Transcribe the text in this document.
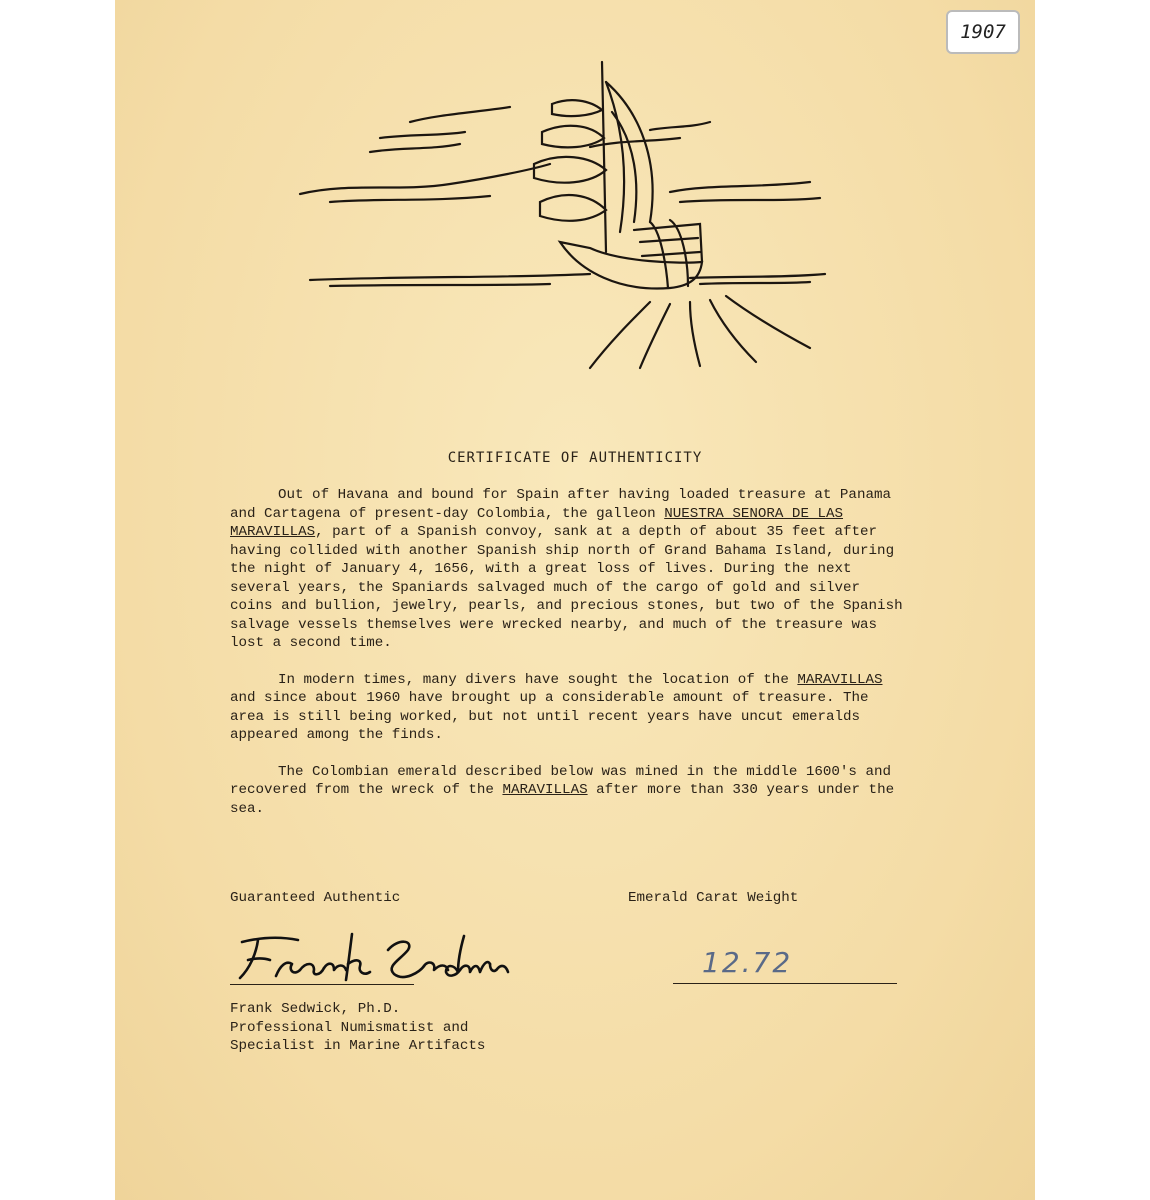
1907
CERTIFICATE OF AUTHENTICITY

Out of Havana and bound for Spain after having loaded treasure at Panama and Cartagena of present-day Colombia, the galleon NUESTRA SENORA DE LAS MARAVILLAS, part of a Spanish convoy, sank at a depth of about 35 feet after having collided with another Spanish ship north of Grand Bahama Island, during the night of January 4, 1656, with a great loss of lives. During the next several years, the Spaniards salvaged much of the cargo of gold and silver coins and bullion, jewelry, pearls, and precious stones, but two of the Spanish salvage vessels themselves were wrecked nearby, and much of the treasure was lost a second time.

In modern times, many divers have sought the location of the MARAVILLAS and since about 1960 have brought up a considerable amount of treasure. The area is still being worked, but not until recent years have uncut emeralds appeared among the finds.

The Colombian emerald described below was mined in the middle 1600's and recovered from the wreck of the MARAVILLAS after more than 330 years under the sea.

Guaranteed Authentic	Emerald Carat Weight
12.72
Frank Sedwick, Ph.D.
Professional Numismatist and
Specialist in Marine Artifacts
